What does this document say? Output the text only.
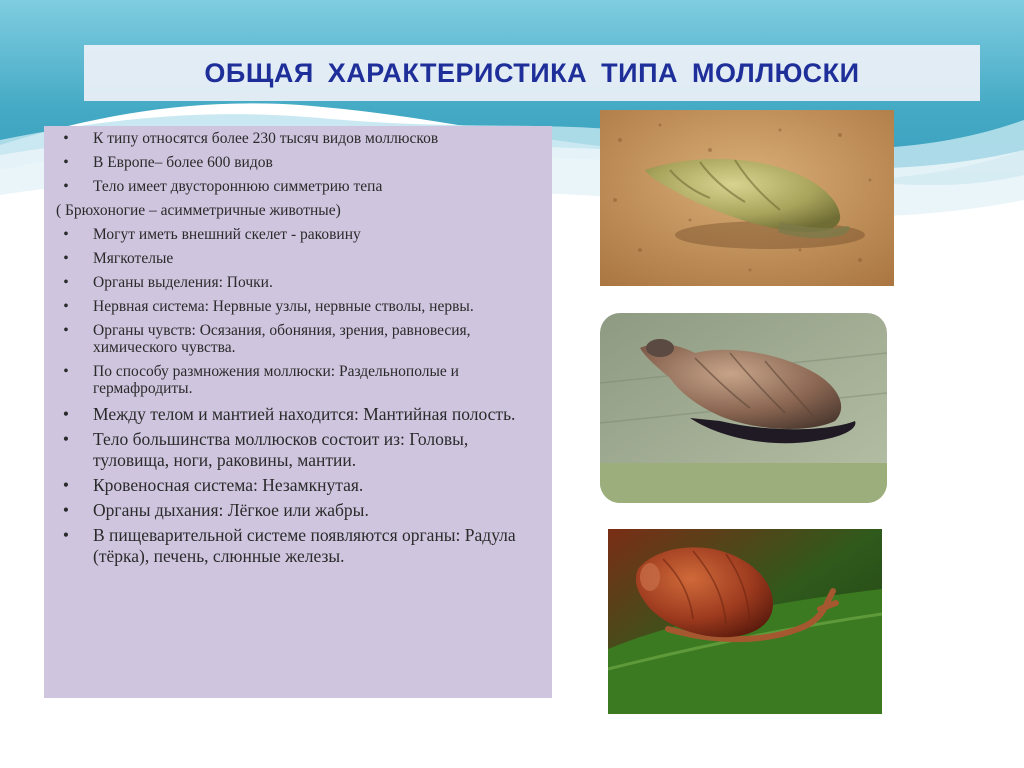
ОБЩАЯ ХАРАКТЕРИСТИКА ТИПА МОЛЛЮСКИ
•	К типу относятся более 230 тысяч видов моллюсков
•	В Европе– более 600 видов
•	Тело имеет двустороннюю симметрию тепа
( Брюхоногие – асимметричные животные)
•	Могут иметь внешний скелет - раковину
•	Мягкотелые
•	Органы выделения: Почки.
•	Нервная система: Нервные узлы, нервные стволы, нервы.
•	Органы чувств: Осязания, обоняния, зрения, равновесия, химического чувства.
•	По способу размножения моллюски: Раздельнополые и гермафродиты.
•	Между телом и мантией находится: Мантийная полость.
•	Тело большинства моллюсков состоит из: Головы, туловища, ноги, раковины, мантии.
•	Кровеносная система: Незамкнутая.
•	Органы дыхания: Лёгкое или жабры.
•	В пищеварительной системе появляются органы: Радула (тёрка), печень, слюнные железы.
